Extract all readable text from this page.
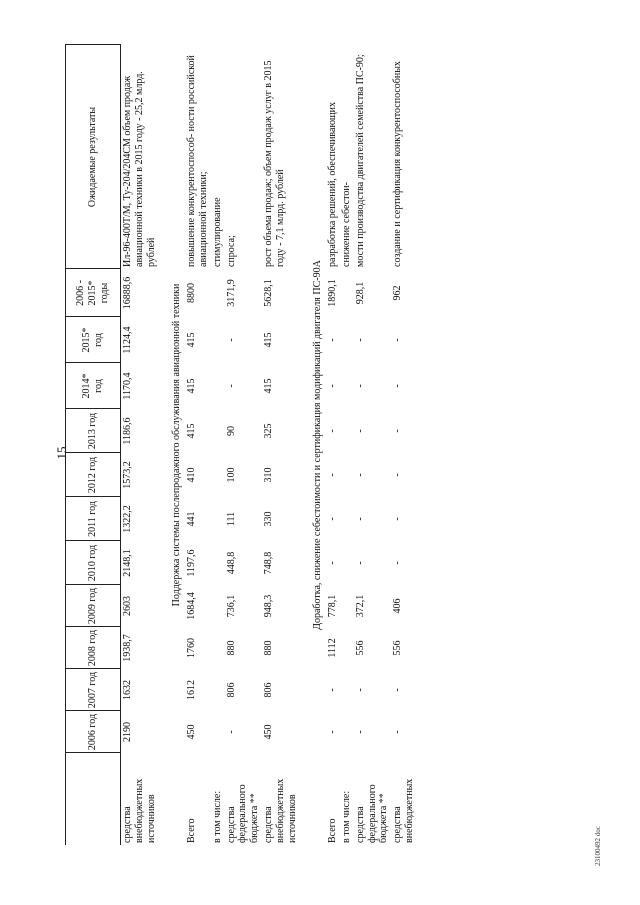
15
23100492 doc
	2006 год	2007 год	2008 год	2009 год	2010 год	2011 год	2012 год	2013 год	2014* год	2015* год	2006 - 2015* годы	Ожидаемые результаты
средства внебюджетных источников	2190	1632	1938,7	2603	2148,1	1322,2	1573,2	1186,6	1170,4	1124,4	16888,6	Ил-96-400Т/М, Ту-204/204СМ объем продаж авиационной техники в 2015 году - 25,2 млрд. рублей

Поддержка системы послепродажного обслуживания авиационной техники												
Всего	450	1612	1760	1684,4	1197,6	441	410	415	415	415	8800	повышение конкурентоспособ- ности российской авиационной техники;
в том числе:												стимулирование
средства федерального бюджета **	-	806	880	736,1	448,8	111	100	90	-	-	3171,9	спроса;
средства внебюджетных источников	450	806	880	948,3	748,8	330	310	325	415	415	5628,1	рост объема продаж; объем продаж услуг в 2015 году - 7,1 млрд. рублей

Доработка, снижение себестоимости и сертификация модификаций двигателя ПС-90А												
Всего	-	-	1112	778,1	-	-	-	-	-	-	1890,1	разработка решений, обеспечивающих
в том числе:												снижение себестои-
средства федерального бюджета **	-	-	556	372,1	-	-	-	-	-	-	928,1	мости производства двигателей семейства ПС-90;
средства внебюджетных	-	-	556	406	-	-	-	-	-	-	962	создание и сертификация конкурентоспособных
